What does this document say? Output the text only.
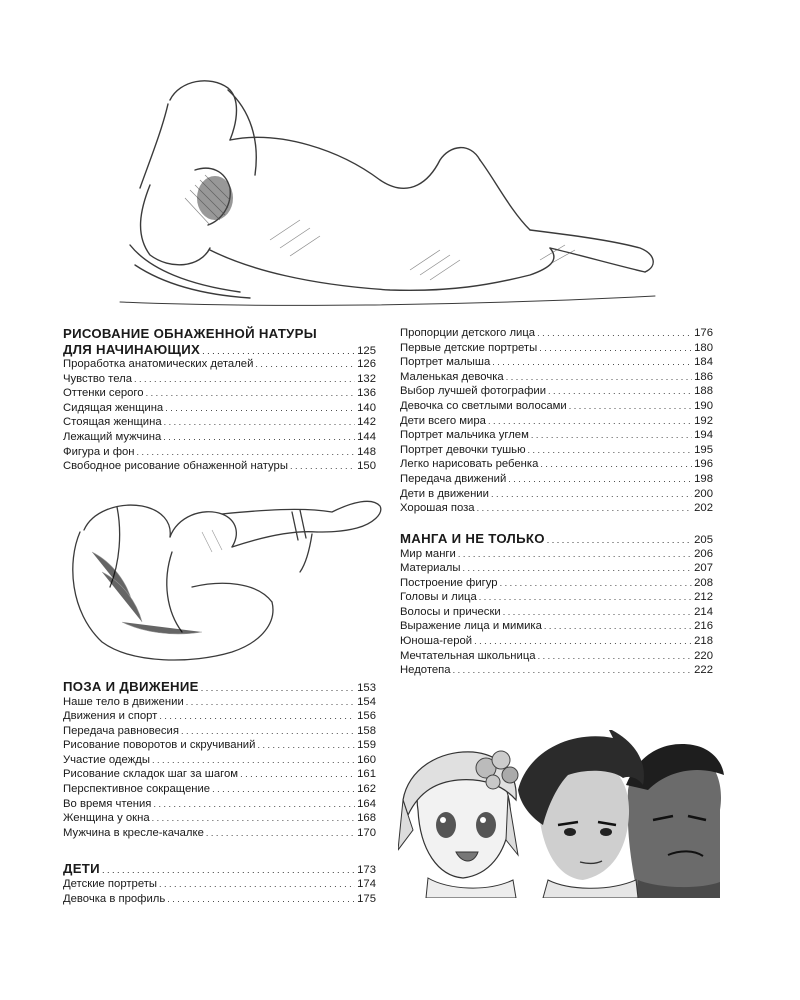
РИСОВАНИЕ ОБНАЖЕННОЙ НАТУРЫ
ДЛЯ НАЧИНАЮЩИХ . . .	125
Проработка анатомических деталей . . .	126
Чувство тела . . .	132
Оттенки серого . . .	136
Сидящая женщина . . .	140
Стоящая женщина . . .	142
Лежащий мужчина . . .	144
Фигура и фон . . .	148
Свободное рисование обнаженной натуры . . .	150
ПОЗА И ДВИЖЕНИЕ . . .	153
Наше тело в движении . . .	154
Движения и спорт . . .	156
Передача равновесия . . .	158
Рисование поворотов и скручиваний . . .	159
Участие одежды . . .	160
Рисование складок шаг за шагом . . .	161
Перспективное сокращение . . .	162
Во время чтения . . .	164
Женщина у окна . . .	168
Мужчина в кресле-качалке . . .	170
ДЕТИ . . .	173
Детские портреты . . .	174
Девочка в профиль . . .	175
Пропорции детского лица . . .	176
Первые детские портреты . . .	180
Портрет малыша . . .	184
Маленькая девочка . . .	186
Выбор лучшей фотографии . . .	188
Девочка со светлыми волосами . . .	190
Дети всего мира . . .	192
Портрет мальчика углем . . .	194
Портрет девочки тушью . . .	195
Легко нарисовать ребенка . . .	196
Передача движений . . .	198
Дети в движении . . .	200
Хорошая поза . . .	202
МАНГА И НЕ ТОЛЬКО . . .	205
Мир манги . . .	206
Материалы . . .	207
Построение фигур . . .	208
Головы и лица . . .	212
Волосы и прически . . .	214
Выражение лица и мимика . . .	216
Юноша-герой . . .	218
Мечтательная школьница . . .	220
Недотепа . . .	222
